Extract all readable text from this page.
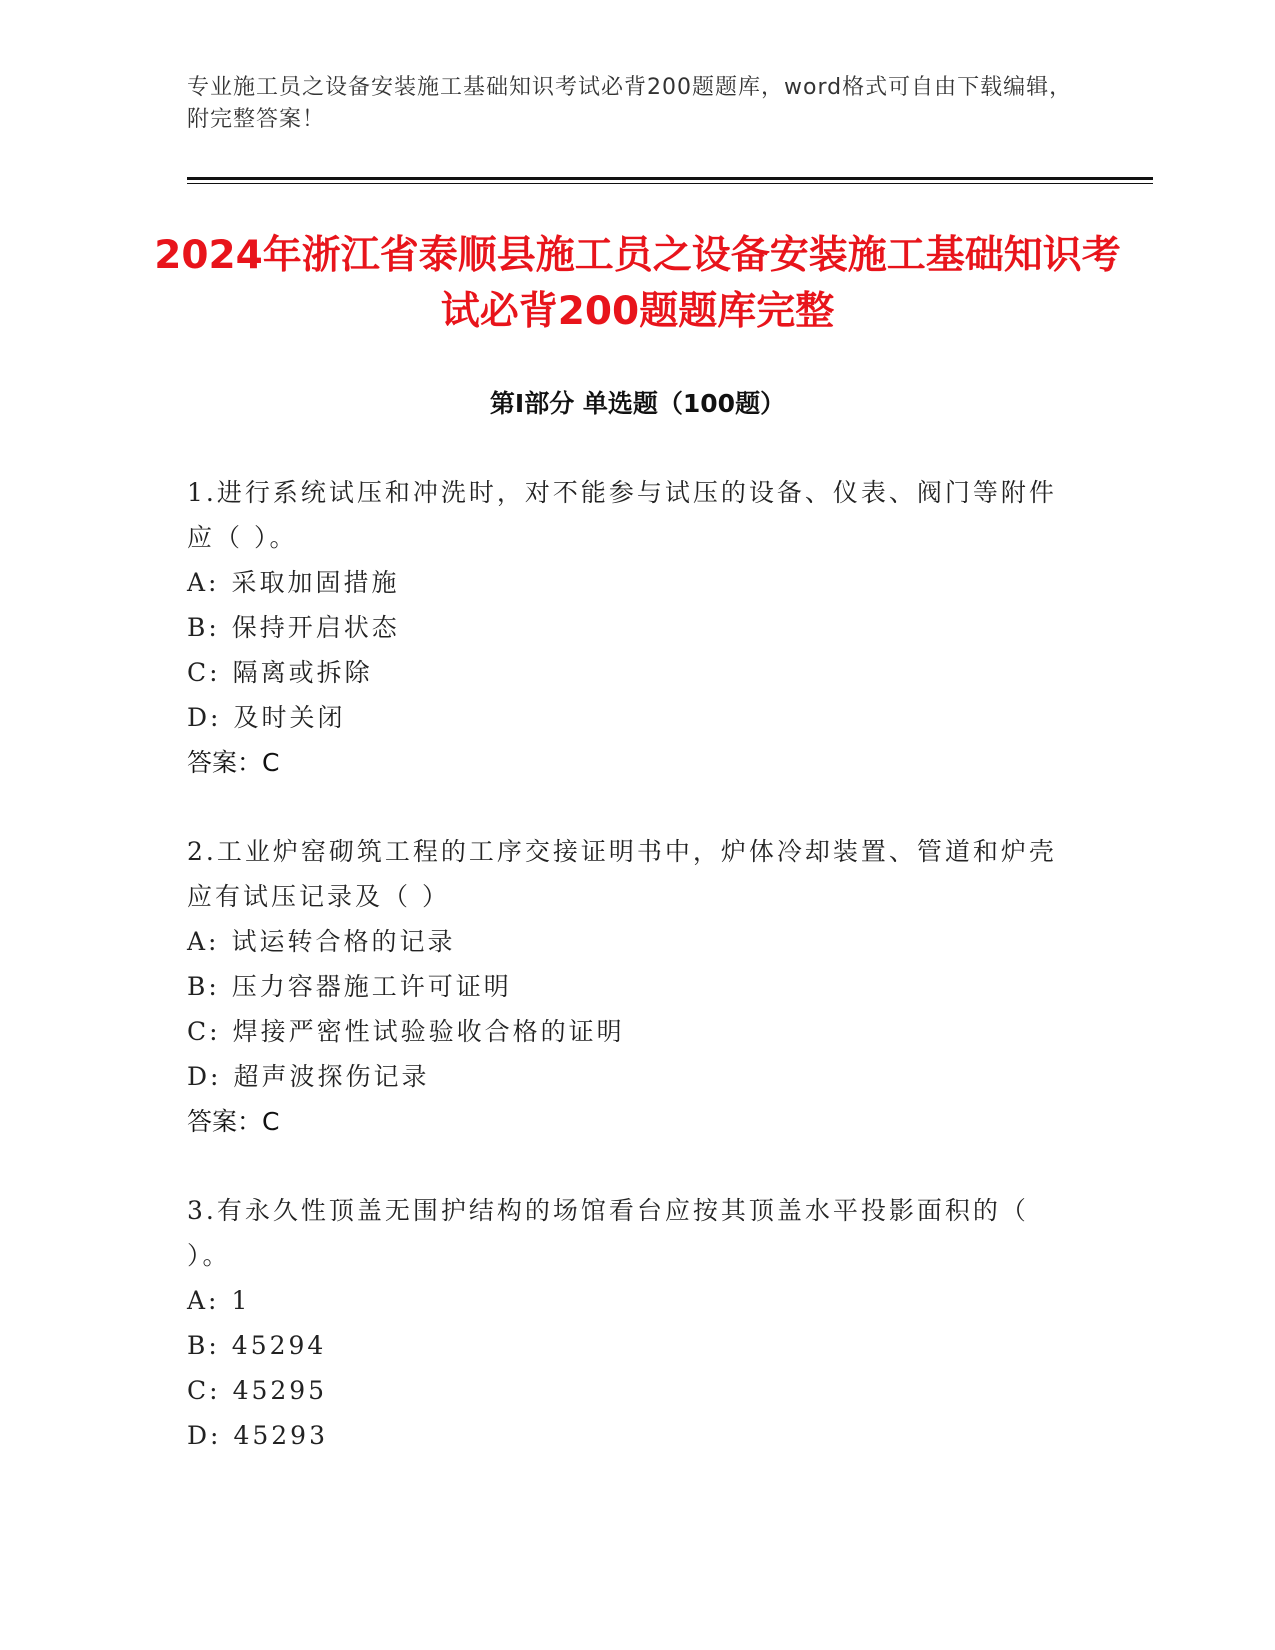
专业施工员之设备安装施工基础知识考试必背200题题库，word格式可自由下载编辑，附完整答案！
2024年浙江省泰顺县施工员之设备安装施工基础知识考试必背200题题库完整
第I部分 单选题（100题）
1.进行系统试压和冲洗时，对不能参与试压的设备、仪表、阀门等附件应（ ）。
A: 采取加固措施
B: 保持开启状态
C: 隔离或拆除
D: 及时关闭
答案：C
2.工业炉窑砌筑工程的工序交接证明书中，炉体冷却装置、管道和炉壳应有试压记录及（ ）
A: 试运转合格的记录
B: 压力容器施工许可证明
C: 焊接严密性试验验收合格的证明
D: 超声波探伤记录
答案：C
3.有永久性顶盖无围护结构的场馆看台应按其顶盖水平投影面积的（ ）。
A: 1
B: 45294
C: 45295
D: 45293
